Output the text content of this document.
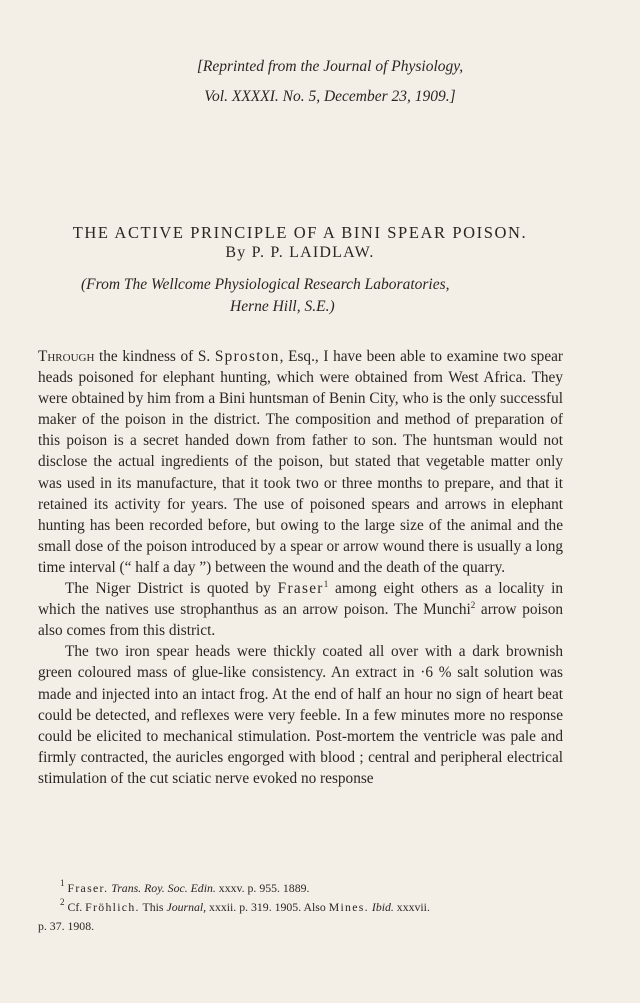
[Reprinted from the Journal of Physiology,
Vol. XXXXI. No. 5, December 23, 1909.]
THE ACTIVE PRINCIPLE OF A BINI SPEAR POISON.
By P. P. LAIDLAW.
(From The Wellcome Physiological Research Laboratories,
Herne Hill, S.E.)

Through the kindness of S. Sproston, Esq., I have been able to examine two spear heads poisoned for elephant hunting, which were obtained from West Africa. They were obtained by him from a Bini huntsman of Benin City, who is the only successful maker of the poison in the district. The composition and method of preparation of this poison is a secret handed down from father to son. The huntsman would not disclose the actual ingredients of the poison, but stated that vegetable matter only was used in its manufacture, that it took two or three months to prepare, and that it retained its activity for years. The use of poisoned spears and arrows in elephant hunting has been recorded before, but owing to the large size of the animal and the small dose of the poison introduced by a spear or arrow wound there is usually a long time interval (“ half a day ”) between the wound and the death of the quarry.

The Niger District is quoted by Fraser$^1$ among eight others as a locality in which the natives use strophanthus as an arrow poison. The Munchi$^2$ arrow poison also comes from this district.

The two iron spear heads were thickly coated all over with a dark brownish green coloured mass of glue-like consistency. An extract in ·6 % salt solution was made and injected into an intact frog. At the end of half an hour no sign of heart beat could be detected, and reflexes were very feeble. In a few minutes more no response could be elicited to mechanical stimulation. Post-mortem the ventricle was pale and firmly contracted, the auricles engorged with blood ; central and peripheral electrical stimulation of the cut sciatic nerve evoked no response

$^1$ Fraser. Trans. Roy. Soc. Edin. xxxv. p. 955. 1889.
$^2$ Cf. Fröhlich. This Journal, xxxii. p. 319. 1905. Also Mines. Ibid. xxxvii.
p. 37. 1908.
